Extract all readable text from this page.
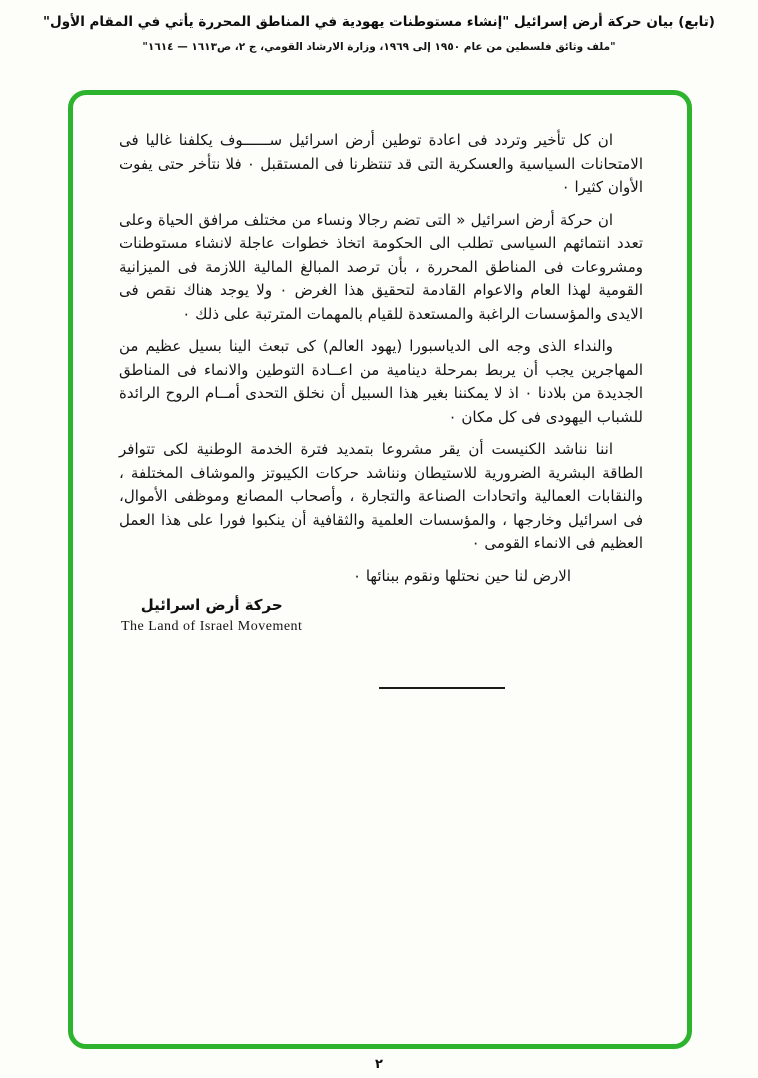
(تابع) بيان حركة أرض إسرائيل "إنشاء مستوطنات يهودية في المناطق المحررة يأتي في المقام الأول"
"ملف وثائق فلسطين من عام ١٩٥٠ إلى ١٩٦٩، وزارة الارشاد القومي، ج ٢، ص١٦١٣ — ١٦١٤"

ان كل تأخير وتردد فى اعادة توطين أرض اسرائيل ســــــوف يكلفنا غاليا فى الامتحانات السياسية والعسكرية التى قد تنتظرنا فى المستقبل ٠ فلا نتأخر حتى يفوت الأوان كثيرا ٠

ان حركة أرض اسرائيل « التى تضم رجالا ونساء من مختلف مرافق الحياة وعلى تعدد انتمائهم السياسى تطلب الى الحكومة اتخاذ خطوات عاجلة لانشاء مستوطنات ومشروعات فى المناطق المحررة ، بأن ترصد المبالغ المالية اللازمة فى الميزانية القومية لهذا العام والاعوام القادمة لتحقيق هذا الغرض ٠ ولا يوجد هناك نقص فى الايدى والمؤسسات الراغبة والمستعدة للقيام بالمهمات المترتبة على ذلك ٠

والنداء الذى وجه الى الدياسبورا (يهود العالم) كى تبعث الينا بسيل عظيم من المهاجرين يجب أن يربط بمرحلة دينامية من اعــادة التوطين والانماء فى المناطق الجديدة من بلادنا ٠ اذ لا يمكننا بغير هذا السبيل أن نخلق التحدى أمــام الروح الرائدة للشباب اليهودى فى كل مكان ٠

اننا نناشد الكنيست أن يقر مشروعا بتمديد فترة الخدمة الوطنية لكى تتوافر الطاقة البشرية الضرورية للاستيطان ونناشد حركات الكيبوتز والموشاف المختلفة ، والنقابات العمالية واتحادات الصناعة والتجارة ، وأصحاب المصانع وموظفى الأموال، فى اسرائيل وخارجها ، والمؤسسات العلمية والثقافية أن ينكبوا فورا على هذا العمل العظيم فى الانماء القومى ٠

الارض لنا حين نحتلها ونقوم ببنائها ٠
حركة أرض اسرائيل
The Land of Israel Movement
٢
